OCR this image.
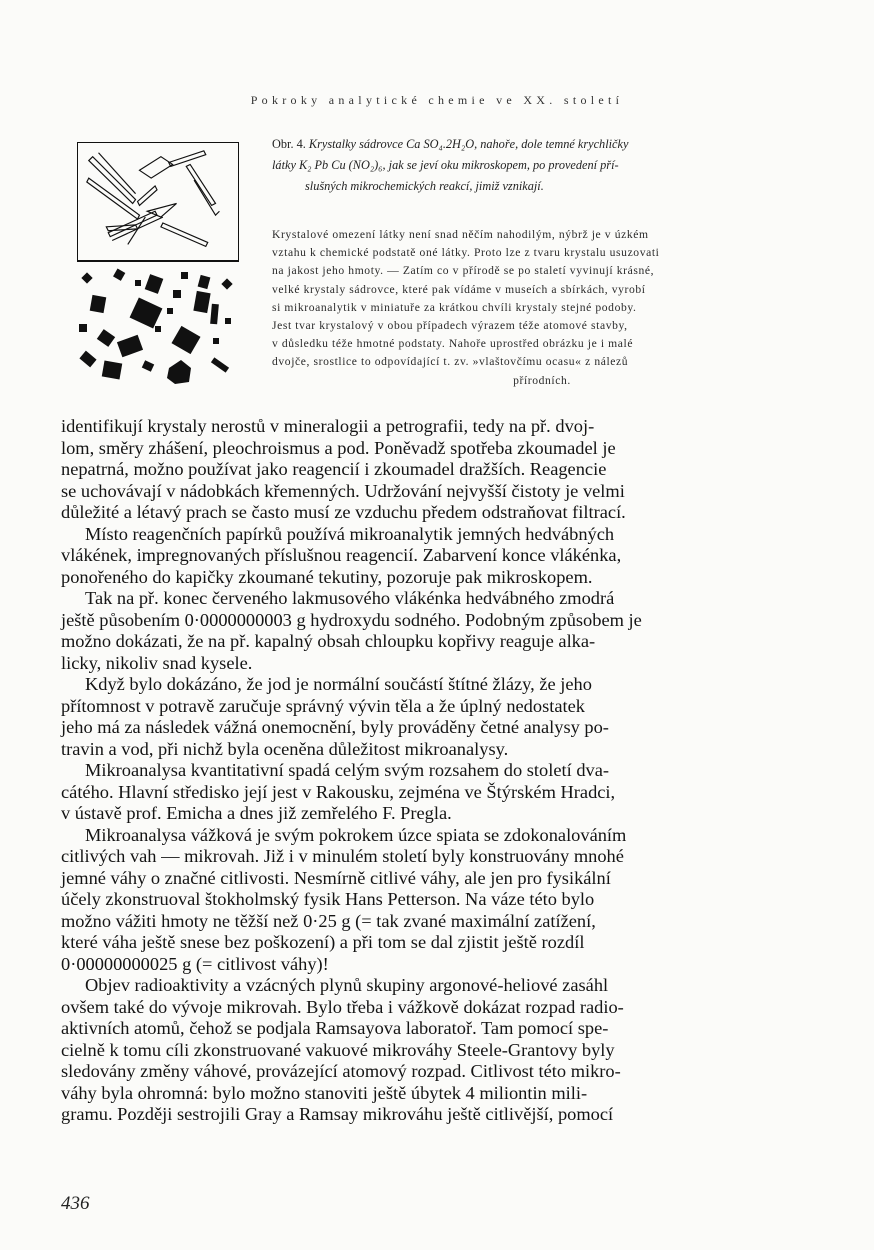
Pokroky analytické chemie ve XX. století
Obr. 4. Krystalky sádrovce Ca SO₄.2H₂O, nahoře, dole temné krychličky
látky K₂ Pb Cu (NO₂)₆, jak se jeví oku mikroskopem, po provedení pří-
slušných mikrochemických reakcí, jimiž vznikají.
Krystalové omezení látky není snad něčím nahodilým, nýbrž je v úzkém
vztahu k chemické podstatě oné látky. Proto lze z tvaru krystalu usuzovati
na jakost jeho hmoty. — Zatím co v přírodě se po staletí vyvinují krásné,
velké krystaly sádrovce, které pak vídáme v museích a sbírkách, vyrobí
si mikroanalytik v miniatuře za krátkou chvíli krystaly stejné podoby.
Jest tvar krystalový v obou případech výrazem téže atomové stavby,
v důsledku téže hmotné podstaty. Nahoře uprostřed obrázku je i malé
dvojče, srostlice to odpovídající t. zv. »vlaštovčímu ocasu« z nálezů
přírodních.
identifikují krystaly nerostů v mineralogii a petrografii, tedy na př. dvoj-
lom, směry zhášení, pleochroismus a pod. Poněvadž spotřeba zkoumadel je
nepatrná, možno používat jako reagencií i zkoumadel dražších. Reagencie
se uchovávají v nádobkách křemenných. Udržování nejvyšší čistoty je velmi
důležité a létavý prach se často musí ze vzduchu předem odstraňovat filtrací.
Místo reagenčních papírků používá mikroanalytik jemných hedvábných
vlákének, impregnovaných příslušnou reagencií. Zabarvení konce vlákénka,
ponořeného do kapičky zkoumané tekutiny, pozoruje pak mikroskopem.
Tak na př. konec červeného lakmusového vlákénka hedvábného zmodrá
ještě působením 0·0000000003 g hydroxydu sodného. Podobným způsobem je
možno dokázati, že na př. kapalný obsah chloupku kopřivy reaguje alka-
licky, nikoliv snad kysele.
Když bylo dokázáno, že jod je normální součástí štítné žlázy, že jeho
přítomnost v potravě zaručuje správný vývin těla a že úplný nedostatek
jeho má za následek vážná onemocnění, byly prováděny četné analysy po-
travin a vod, při nichž byla oceněna důležitost mikroanalysy.
Mikroanalysa kvantitativní spadá celým svým rozsahem do století dva-
cátého. Hlavní středisko její jest v Rakousku, zejména ve Štýrském Hradci,
v ústavě prof. Emicha a dnes již zemřelého F. Pregla.
Mikroanalysa vážková je svým pokrokem úzce spiata se zdokonalováním
citlivých vah — mikrovah. Již i v minulém století byly konstruovány mnohé
jemné váhy o značné citlivosti. Nesmírně citlivé váhy, ale jen pro fysikální
účely zkonstruoval štokholmský fysik Hans Petterson. Na váze této bylo
možno vážiti hmoty ne těžší než 0·25 g (= tak zvané maximální zatížení,
které váha ještě snese bez poškození) a při tom se dal zjistit ještě rozdíl
0·00000000025 g (= citlivost váhy)!
Objev radioaktivity a vzácných plynů skupiny argonové-heliové zasáhl
ovšem také do vývoje mikrovah. Bylo třeba i vážkově dokázat rozpad radio-
aktivních atomů, čehož se podjala Ramsayova laboratoř. Tam pomocí spe-
cielně k tomu cíli zkonstruované vakuové mikrováhy Steele-Grantovy byly
sledovány změny váhové, provázející atomový rozpad. Citlivost této mikro-
váhy byla ohromná: bylo možno stanoviti ještě úbytek 4 miliontin mili-
gramu. Později sestrojili Gray a Ramsay mikrováhu ještě citlivější, pomocí
436
